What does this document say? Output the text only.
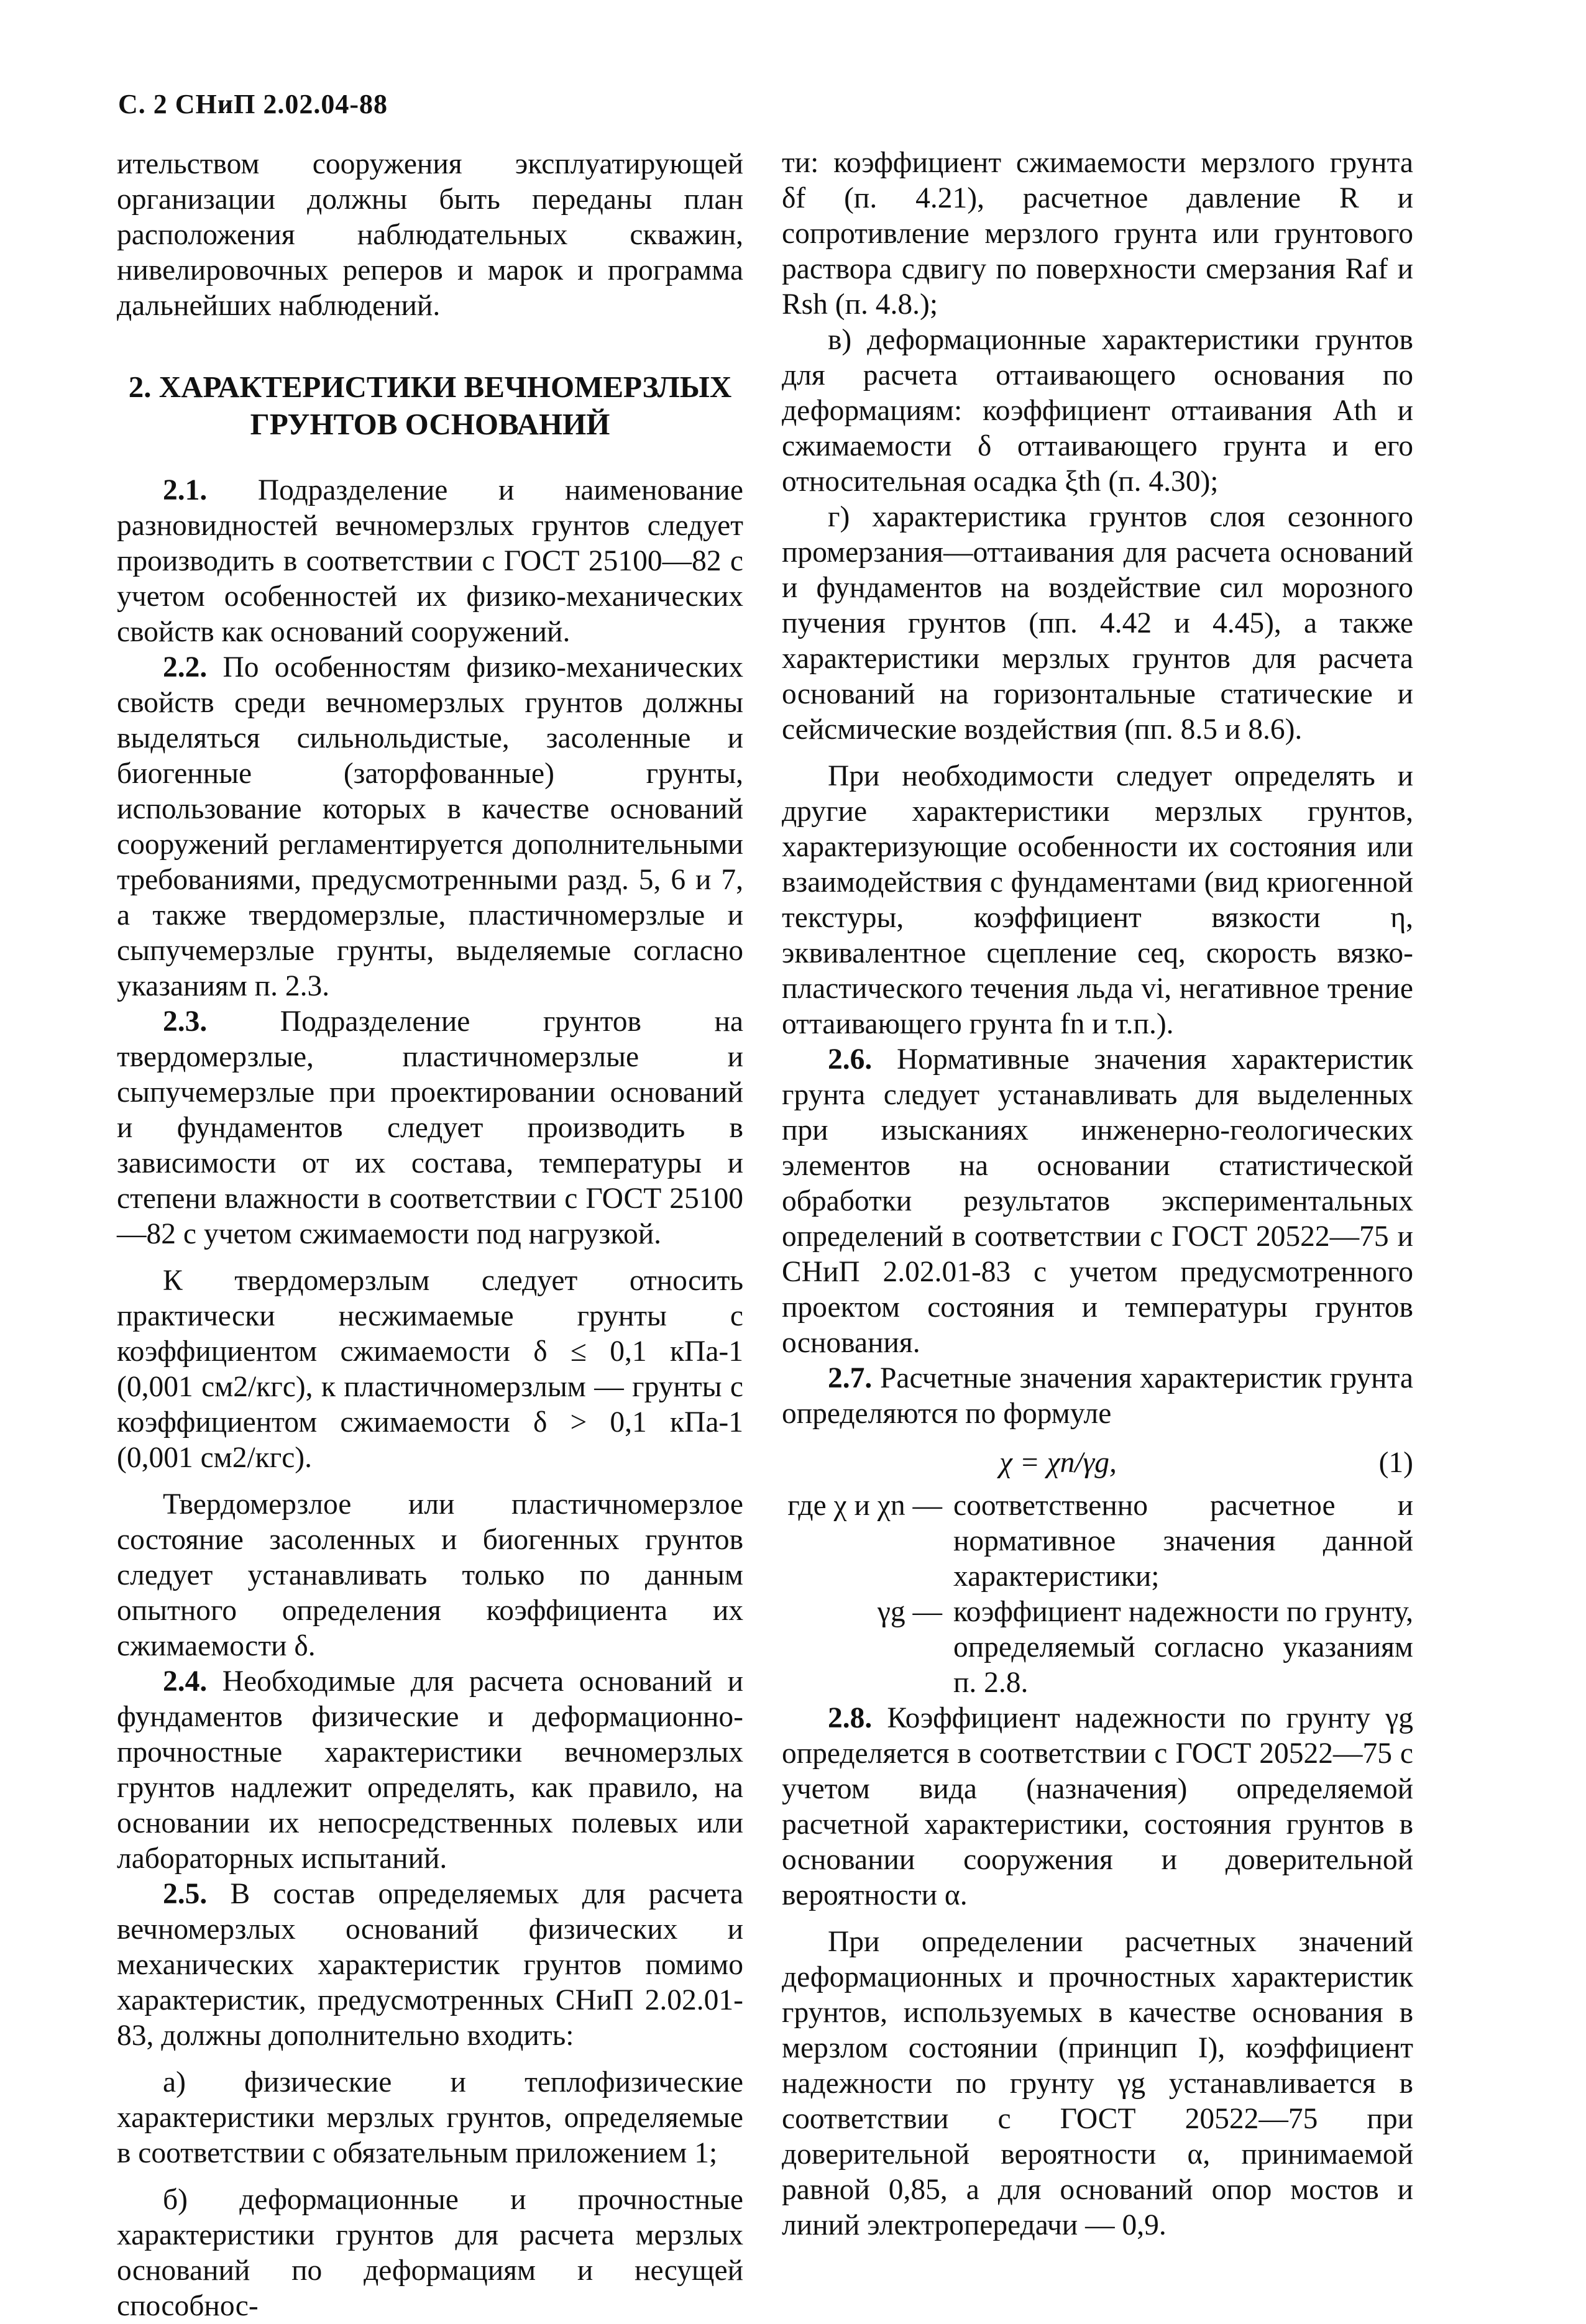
С. 2 СНиП 2.02.04-88

ительством сооружения эксплуатирующей организации должны быть переданы план расположения наблюдательных скважин, нивелировочных реперов и марок и программа дальнейших наблюдений.

2. ХАРАКТЕРИСТИКИ ВЕЧНОМЕРЗЛЫХ ГРУНТОВ ОСНОВАНИЙ

2.1. Подразделение и наименование разновидностей вечномерзлых грунтов следует производить в соответствии с ГОСТ 25100—82 с учетом особенностей их физико-механических свойств как оснований сооружений.

2.2. По особенностям физико-механических свойств среди вечномерзлых грунтов должны выделяться сильнольдистые, засоленные и биогенные (заторфованные) грунты, использование которых в качестве оснований сооружений регламентируется дополнительными требованиями, предусмотренными разд. 5, 6 и 7, а также твердомерзлые, пластичномерзлые и сыпучемерзлые грунты, выделяемые согласно указаниям п. 2.3.

2.3. Подразделение грунтов на твердомерзлые, пластичномерзлые и сыпучемерзлые при проектировании оснований и фундаментов следует производить в зависимости от их состава, температуры и степени влажности в соответствии с ГОСТ 25100—82 с учетом сжимаемости под нагрузкой.

К твердомерзлым следует относить практически несжимаемые грунты с коэффициентом сжимаемости δ ≤ 0,1 кПа-1 (0,001 см2/кгс), к пластичномерзлым — грунты с коэффициентом сжимаемости δ > 0,1 кПа-1 (0,001 см2/кгс).

Твердомерзлое или пластичномерзлое состояние засоленных и биогенных грунтов следует устанавливать только по данным опытного определения коэффициента их сжимаемости δ.

2.4. Необходимые для расчета оснований и фундаментов физические и деформационно-прочностные характеристики вечномерзлых грунтов надлежит определять, как правило, на основании их непосредственных полевых или лабораторных испытаний.

2.5. В состав определяемых для расчета вечномерзлых оснований физических и механических характеристик грунтов помимо характеристик, предусмотренных СНиП 2.02.01-83, должны дополнительно входить:

а) физические и теплофизические характеристики мерзлых грунтов, определяемые в соответствии с обязательным приложением 1;

б) деформационные и прочностные характеристики грунтов для расчета мерзлых оснований по деформациям и несущей способнос-

ти: коэффициент сжимаемости мерзлого грунта δf (п. 4.21), расчетное давление R и сопротивление мерзлого грунта или грунтового раствора сдвигу по поверхности смерзания Raf и Rsh (п. 4.8.);

в) деформационные характеристики грунтов для расчета оттаивающего основания по деформациям: коэффициент оттаивания Ath и сжимаемости δ оттаивающего грунта и его относительная осадка ξth (п. 4.30);

г) характеристика грунтов слоя сезонного промерзания—оттаивания для расчета оснований и фундаментов на воздействие сил морозного пучения грунтов (пп. 4.42 и 4.45), а также характеристики мерзлых грунтов для расчета оснований на горизонтальные статические и сейсмические воздействия (пп. 8.5 и 8.6).

При необходимости следует определять и другие характеристики мерзлых грунтов, характеризующие особенности их состояния или взаимодействия с фундаментами (вид криогенной текстуры, коэффициент вязкости η, эквивалентное сцепление ceq, скорость вязко-пластического течения льда vi, негативное трение оттаивающего грунта fn и т.п.).

2.6. Нормативные значения характеристик грунта следует устанавливать для выделенных при изысканиях инженерно-геологических элементов на основании статистической обработки результатов экспериментальных определений в соответствии с ГОСТ 20522—75 и СНиП 2.02.01-83 с учетом предусмотренного проектом состояния и температуры грунтов основания.

2.7. Расчетные значения характеристик грунта определяются по формуле

χ = χn/γg,	(1)
где χ и χn — соответственно расчетное и нормативное значения данной характеристики;
γg — коэффициент надежности по грунту, определяемый согласно указаниям п. 2.8.

2.8. Коэффициент надежности по грунту γg определяется в соответствии с ГОСТ 20522—75 с учетом вида (назначения) определяемой расчетной характеристики, состояния грунтов в основании сооружения и доверительной вероятности α.

При определении расчетных значений деформационных и прочностных характеристик грунтов, используемых в качестве основания в мерзлом состоянии (принцип I), коэффициент надежности по грунту γg устанавливается в соответствии с ГОСТ 20522—75 при доверительной вероятности α, принимаемой равной 0,85, а для оснований опор мостов и линий электропередачи — 0,9.
